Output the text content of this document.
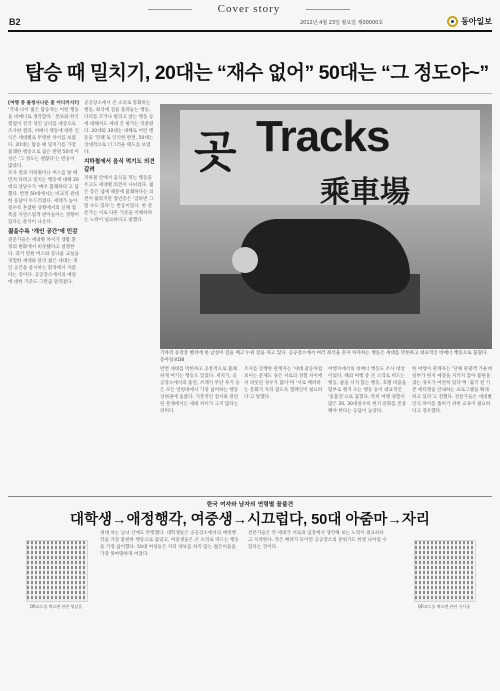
Cover story
B2	2012년 4월 23일 월요일 제00000호	동아일보
탑승 때 밀치기, 20대는 “재수 없어” 50대는 “그 정도야~”
[여행 중 볼썽사나운 꼴 어디까지?]
‘국내 나이 젊은 탑승자는 어떤 행동을 비매너로 생각할까.’ 본보와 한국갤럽이 전국 성인 남녀를 대상으로 조사한 결과, 비매너 행동에 대한 인식은 세대별로 뚜렷한 차이를 보였다. 20대는 탑승 때 밀치기를 가장 불쾌한 행동으로 꼽은 반면 50대 이상은 ‘그 정도는 괜찮다’는 반응이 많았다.
조사 결과 지하철이나 버스를 탈 때 먼저 타려고 밀치는 행동에 대해 20대의 상당수가 ‘매우 불쾌하다’고 답했다. 반면 50대에서는 비교적 관대한 응답이 두드러졌다. 세대가 높아질수록 혼잡한 상황에서의 신체 접촉을 자연스럽게 받아들이는 경향이 있다는 분석이 나온다.
젊을수록 ‘개인 공간’에 민감
전문가들은 세대별 차이가 생활 환경의 변화에서 비롯됐다고 설명한다. 과거 만원 버스와 콩나물 교실을 경험한 세대와 달리 젊은 세대는 개인 공간을 중시하는 환경에서 자랐다는 것이다. 공공장소에서의 예절에 대한 기준도 그만큼 달라졌다.
공공장소에서 큰 소리로 통화하는 행동, 좌석에 짐을 올려놓는 행동, 다리를 꼬거나 벌리고 앉는 행동 등에 대해서도 세대 간 평가는 엇갈렸다. 20대와 30대는 대체로 이런 행동을 ‘민폐’로 인식한 반면, 50대는 상대적으로 너그러운 태도를 보였다.
지하철에서 음식 먹기도 의견 갈려
지하철 안에서 음식을 먹는 행동을 두고도 세대별 의견이 나뉘었다. 젊은 층은 냄새 때문에 불쾌하다는 의견이 많았지만 장년층은 ‘급하면 그럴 수도 있다’는 반응이었다. 한 전문가는 서로 다른 기준을 이해하려는 노력이 필요하다고 말했다.
곳 Tracks
乘車場
기차역 승강장 벤치에 한 남성이 짐을 베고 누워 잠을 자고 있다. 공공장소에서 여러 좌석을 혼자 차지하는 행동은 세대를 막론하고 대표적인 비매너 행동으로 꼽혔다. 동아일보DB
반면 세대를 막론하고 공통적으로 불쾌하게 여기는 행동도 있었다. 새치기, 공공장소에서의 흡연, 쓰레기 무단 투기 등은 모든 연령대에서 가장 싫어하는 행동 상위권에 올랐다. 기본적인 질서와 관련된 문제에서는 세대 차이가 크지 않다는 의미다.
조사를 진행한 관계자는 ‘세대 갈등처럼 보이는 문제도 실은 서로의 경험 차이에서 비롯된 경우가 많다’며 ‘서로 배려하는 문화가 자리 잡도록 캠페인이 필요하다’고 말했다.
여행지에서의 비매너 행동도 조사 대상이었다. 해외 여행 중 큰 소리로 떠드는 행동, 줄을 서지 않는 행동, 호텔 비품을 함부로 챙겨 오는 행동 등이 대표적인 ‘꼴불견’으로 꼽혔다. 특히 여행 경험이 많은 20, 30대일수록 현지 문화를 존중해야 한다는 응답이 높았다.
한 여행사 관계자는 ‘단체 관광객 가운데 일부가 현지 예절을 지키지 않아 불편을 겪는 경우가 여전히 있다’며 ‘출국 전 기본 에티켓을 안내하는 프로그램을 확대하고 있다’고 전했다. 전문가들은 세대별 인식 차이를 좁히기 위한 교육이 필요하다고 강조했다.
한국 여자와 남자의 연령별 꼴불견
대학생→애정행각, 여중생→시끄럽다, 50대 아줌마→자리
QR코드를 찍으면 관련 영상을
세대 차는 남녀 간에도 뚜렷했다. 대학생들은 공공장소에서의 애정행각을 가장 불편한 행동으로 꼽았고, 여중생들은 큰 소리로 떠드는 행동을 가장 싫어했다. 50대 여성들은 자리 양보를 하지 않는 젊은이들을 가장 못마땅하게 여겼다.
전문가들은 각 세대가 서로의 입장에서 생각해 보는 노력이 필요하다고 지적한다. 작은 배려가 모이면 공공장소의 분위기도 한결 나아질 수 있다는 것이다.
QR코드를 찍으면 관련 기사를
